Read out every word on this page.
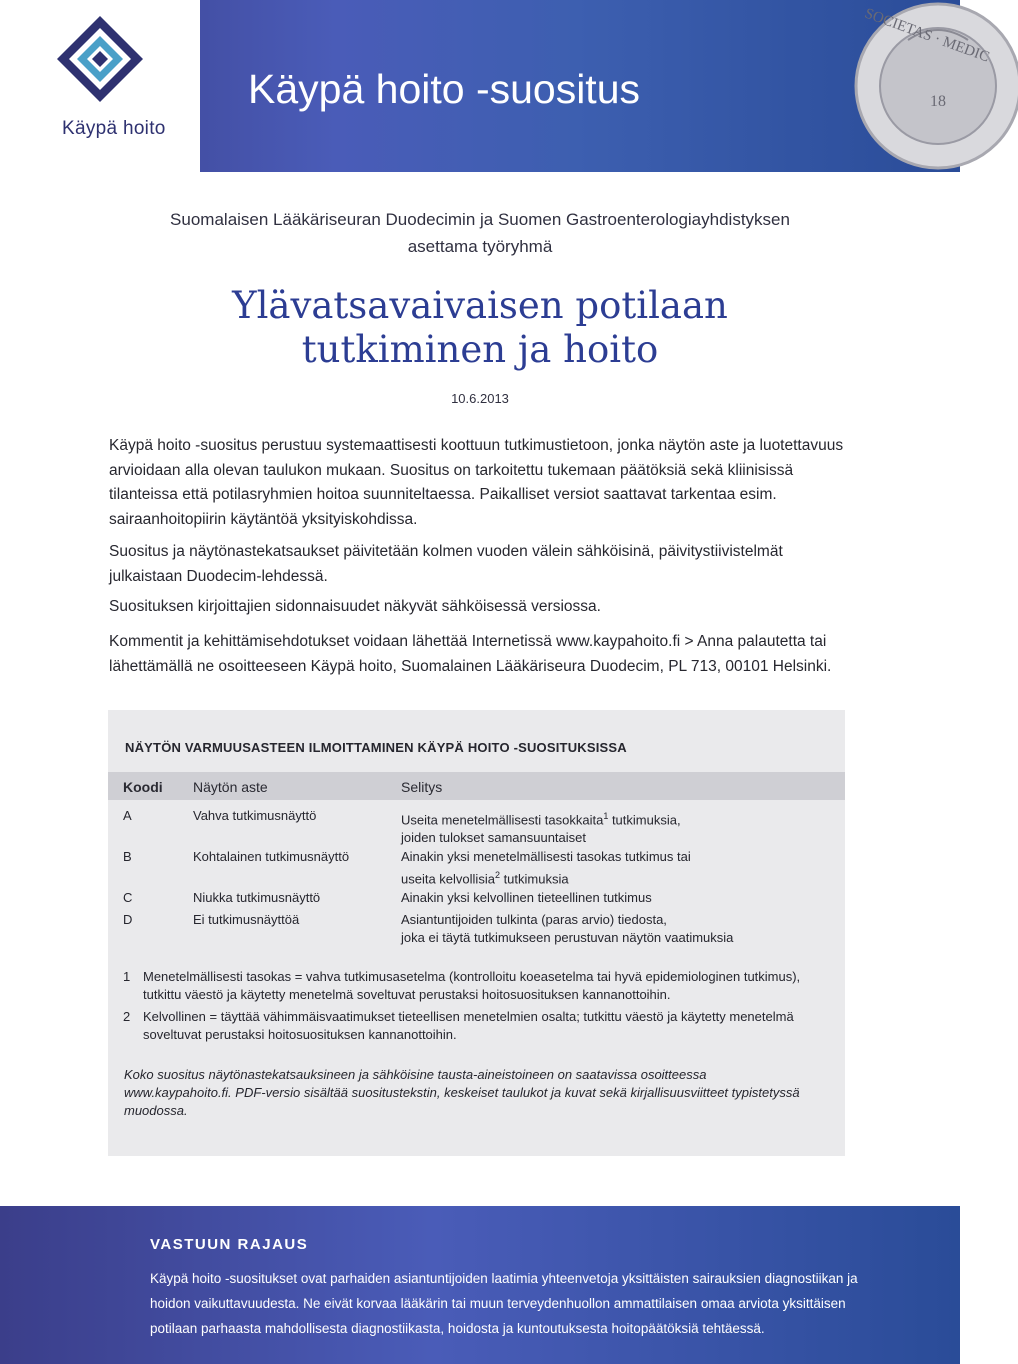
Käypä hoito
Käypä hoito -suositus
SOCIETAS · MEDIC
18
Suomalaisen Lääkäriseuran Duodecimin ja Suomen Gastroenterologiayhdistyksen
asettama työryhmä
Ylävatsavaivaisen potilaan
tutkiminen ja hoito
10.6.2013

Käypä hoito -suositus perustuu systemaattisesti koottuun tutkimustietoon, jonka näytön aste ja luotettavuus arvioidaan alla olevan taulukon mukaan. Suositus on tarkoitettu tukemaan päätöksiä sekä kliinisissä tilanteissa että potilasryhmien hoitoa suunniteltaessa. Paikalliset versiot saattavat tarkentaa esim. sairaanhoitopiirin käytäntöä yksityiskohdissa.

Suositus ja näytönastekatsaukset päivitetään kolmen vuoden välein sähköisinä, päivitystiivistelmät julkaistaan Duodecim-lehdessä.

Suosituksen kirjoittajien sidonnaisuudet näkyvät sähköisessä versiossa.

Kommentit ja kehittämisehdotukset voidaan lähettää Internetissä www.kaypahoito.fi > Anna palautetta tai lähettämällä ne osoitteeseen Käypä hoito, Suomalainen Lääkäriseura Duodecim, PL 713, 00101 Helsinki.

NÄYTÖN VARMUUSASTEEN ILMOITTAMINEN KÄYPÄ HOITO -SUOSITUKSISSA
Koodi Näytön aste	Selitys
A	Vahva tutkimusnäyttö	Useita menetelmällisesti tasokkaita$^1$ tutkimuksia,
joiden tulokset samansuuntaiset
B	Kohtalainen tutkimusnäyttö	Ainakin yksi menetelmällisesti tasokas tutkimus tai
useita kelvollisia$^2$ tutkimuksia
C	Niukka tutkimusnäyttö	Ainakin yksi kelvollinen tieteellinen tutkimus
D	Ei tutkimusnäyttöä	Asiantuntijoiden tulkinta (paras arvio) tiedosta,
joka ei täytä tutkimukseen perustuvan näytön vaatimuksia
1 Menetelmällisesti tasokas = vahva tutkimusasetelma (kontrolloitu koeasetelma tai hyvä epidemiologinen tutkimus), tutkittu väestö ja käytetty menetelmä soveltuvat perustaksi hoitosuosituksen kannanottoihin.
2 Kelvollinen = täyttää vähimmäisvaatimukset tieteellisen menetelmien osalta; tutkittu väestö ja käytetty menetelmä soveltuvat perustaksi hoitosuosituksen kannanottoihin.
Koko suositus näytönastekatsauksineen ja sähköisine tausta-aineistoineen on saatavissa osoitteessa www.kaypahoito.fi. PDF-versio sisältää suositustekstin, keskeiset taulukot ja kuvat sekä kirjallisuusviitteet typistetyssä muodossa.
VASTUUN RAJAUS
Käypä hoito -suositukset ovat parhaiden asiantuntijoiden laatimia yhteenvetoja yksittäisten sairauksien diagnostiikan ja hoidon vaikuttavuudesta. Ne eivät korvaa lääkärin tai muun terveydenhuollon ammattilaisen omaa arviota yksittäisen potilaan parhaasta mahdollisesta diagnostiikasta, hoidosta ja kuntoutuksesta hoitopäätöksiä tehtäessä.
